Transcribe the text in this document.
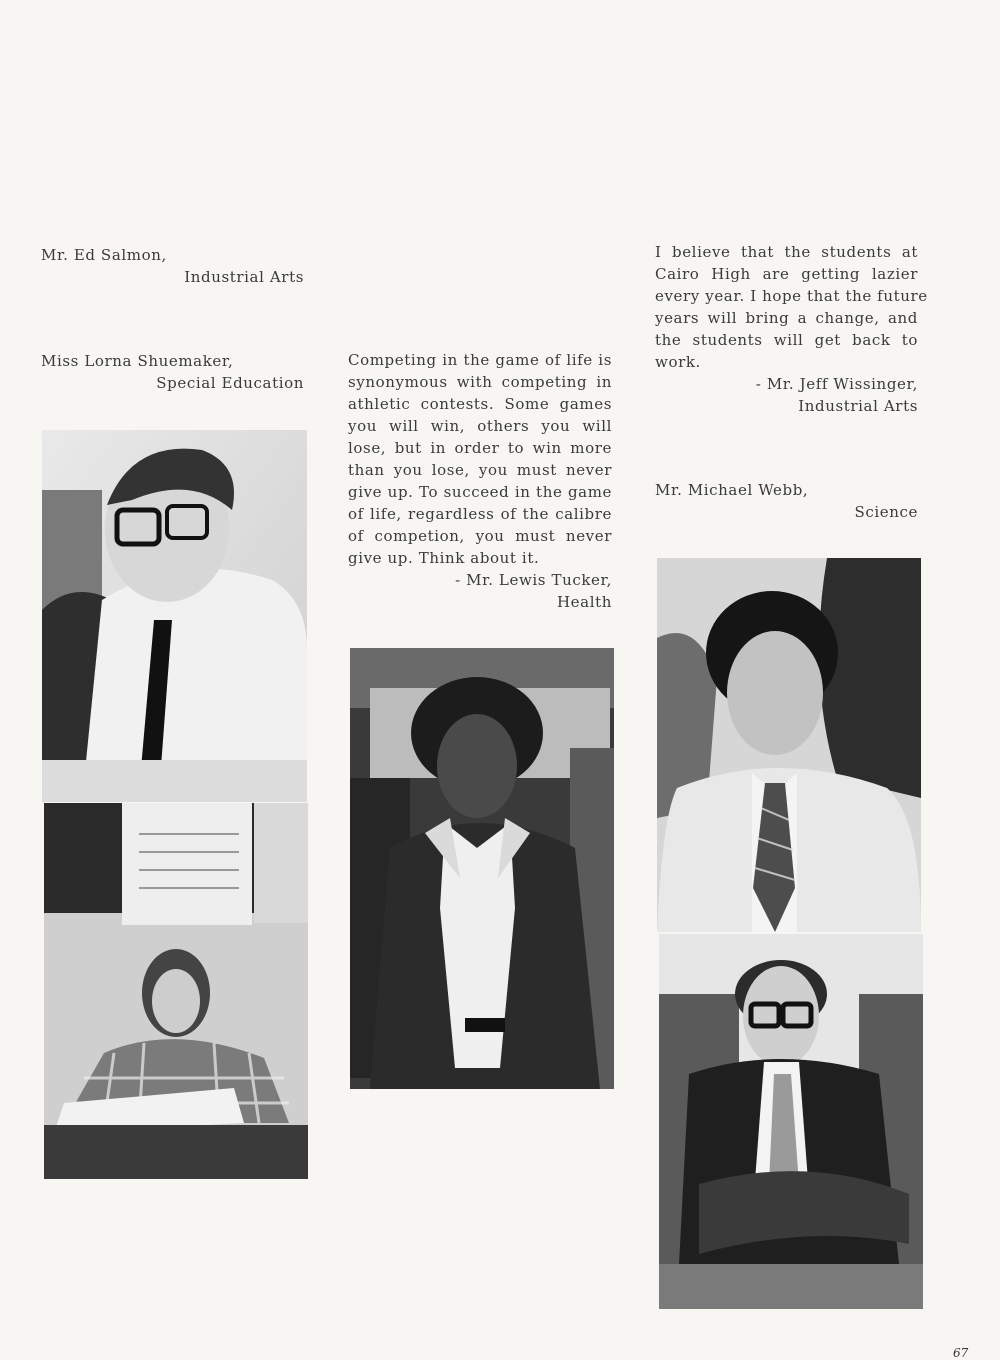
Mr. Ed Salmon,
Industrial Arts
Miss Lorna Shuemaker,
Special Education
Competing in the game of life is
synonymous with competing in
athletic contests. Some games
you will win, others you will
lose, but in order to win more
than you lose, you must never
give up. To succeed in the game
of life, regardless of the calibre
of competion, you must never
give up. Think about it.
- Mr. Lewis Tucker,
Health
I believe that the students at
Cairo High are getting lazier
every year. I hope that the future
years will bring a change, and
the students will get back to
work.
- Mr. Jeff Wissinger,
Industrial Arts
Mr. Michael Webb,
Science
67
